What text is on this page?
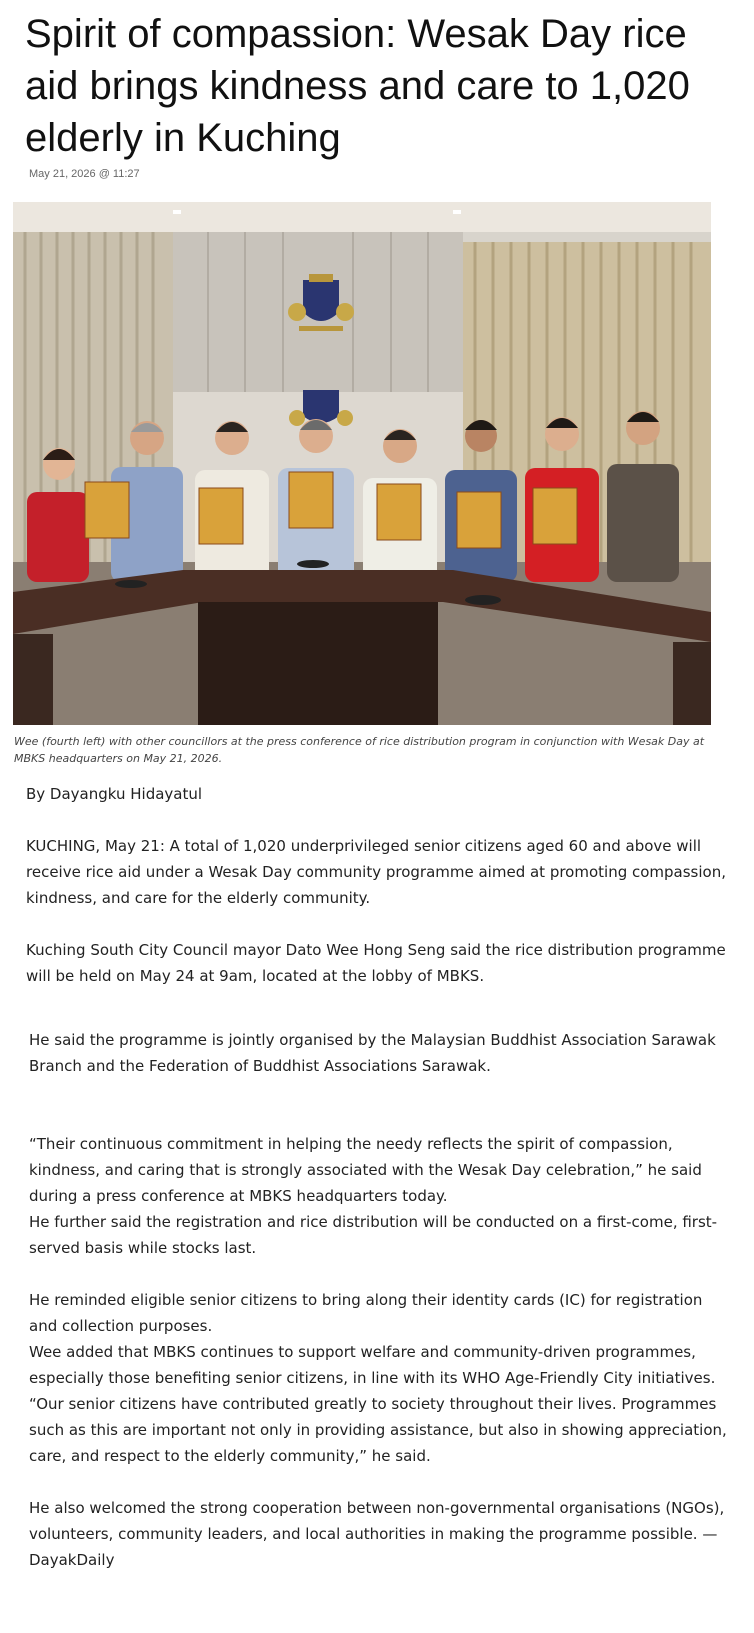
Spirit of compassion: Wesak Day rice aid brings kindness and care to 1,020 elderly in Kuching
May 21, 2026 @ 11:27

Wee (fourth left) with other councillors at the press conference of rice distribution program in conjunction with Wesak Day at MBKS headquarters on May 21, 2026.

By Dayangku Hidayatul

KUCHING, May 21: A total of 1,020 underprivileged senior citizens aged 60 and above will receive rice aid under a Wesak Day community programme aimed at promoting compassion, kindness, and care for the elderly community.

Kuching South City Council mayor Dato Wee Hong Seng said the rice distribution programme will be held on May 24 at 9am, located at the lobby of MBKS.

He said the programme is jointly organised by the Malaysian Buddhist Association Sarawak Branch and the Federation of Buddhist Associations Sarawak.

“Their continuous commitment in helping the needy reflects the spirit of compassion, kindness, and caring that is strongly associated with the Wesak Day celebration,” he said during a press conference at MBKS headquarters today.

He further said the registration and rice distribution will be conducted on a first-come, first-served basis while stocks last.

He reminded eligible senior citizens to bring along their identity cards (IC) for registration and collection purposes.

Wee added that MBKS continues to support welfare and community-driven programmes, especially those benefiting senior citizens, in line with its WHO Age-Friendly City initiatives.

“Our senior citizens have contributed greatly to society throughout their lives. Programmes such as this are important not only in providing assistance, but also in showing appreciation, care, and respect to the elderly community,” he said.

He also welcomed the strong cooperation between non-governmental organisations (NGOs), volunteers, community leaders, and local authorities in making the programme possible. — DayakDaily
